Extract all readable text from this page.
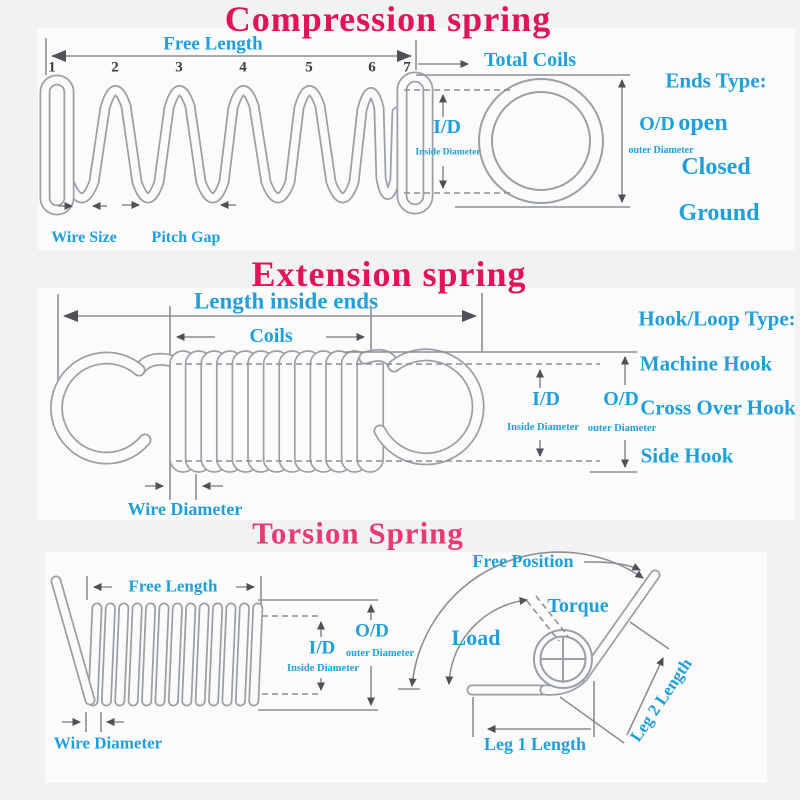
Compression spring
Free Length
1	2	3	4	5	6 7
Wire Size Pitch Gap
Total Coils
I/D
Inside Diameter
O/D
outer Diameter
Ends Type:
open
Closed
Ground
Extension spring
Length inside ends
Coils
Wire Diameter
I/D
Inside Diameter
O/D
outer Diameter
Hook/Loop Type:
Machine Hook
Cross Over Hook
Side Hook
Torsion Spring
Free Length
Free Position
Torque
Load
Leg 1 Length Leg 2 Length
I/D
Inside Diameter
O/D
outer Diameter
Wire Diameter
